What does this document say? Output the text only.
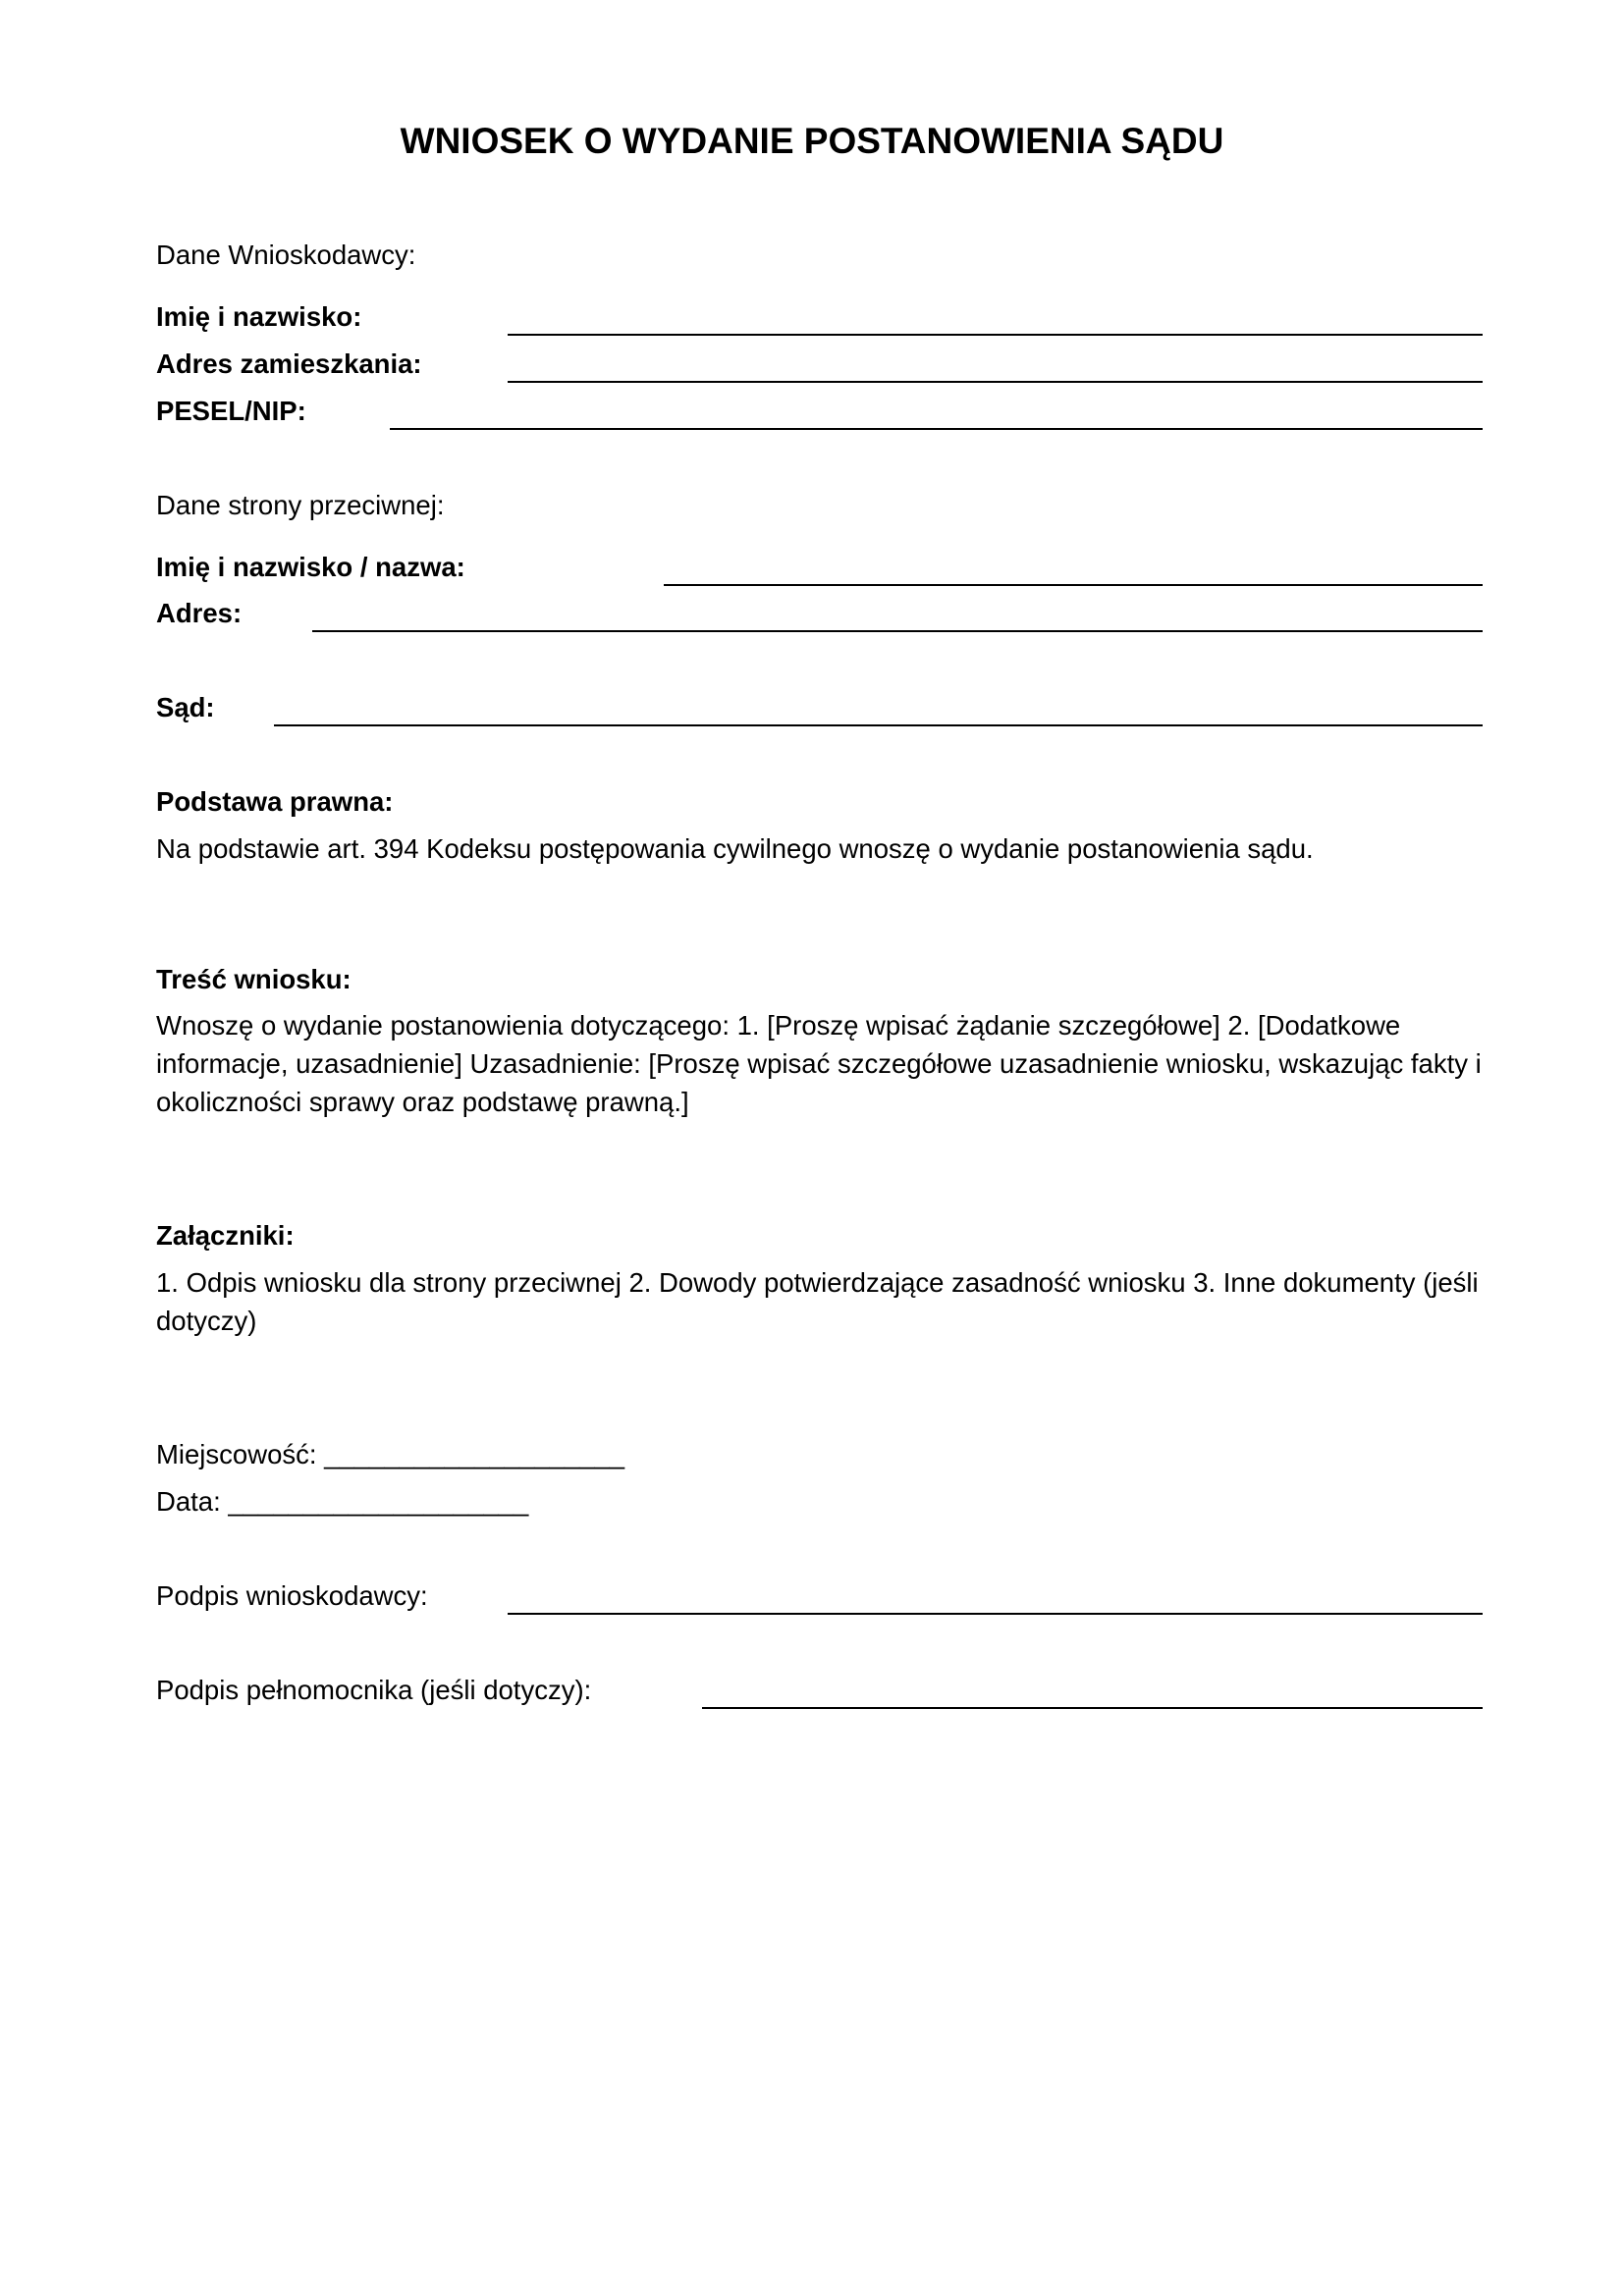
WNIOSEK O WYDANIE POSTANOWIENIA SĄDU
Dane Wnioskodawcy:
Imię i nazwisko:
Adres zamieszkania:
PESEL/NIP:
Dane strony przeciwnej:
Imię i nazwisko / nazwa:
Adres:
Sąd:
Podstawa prawna:
Na podstawie art. 394 Kodeksu postępowania cywilnego wnoszę o wydanie postanowienia sądu.
Treść wniosku:
Wnoszę o wydanie postanowienia dotyczącego: 1. [Proszę wpisać żądanie szczegółowe] 2. [Dodatkowe informacje, uzasadnienie] Uzasadnienie: [Proszę wpisać szczegółowe uzasadnienie wniosku, wskazując fakty i okoliczności sprawy oraz podstawę prawną.]
Załączniki:
1. Odpis wniosku dla strony przeciwnej 2. Dowody potwierdzające zasadność wniosku 3. Inne dokumenty (jeśli dotyczy)
Miejscowość: ____________________
Data: ____________________
Podpis wnioskodawcy:
Podpis pełnomocnika (jeśli dotyczy):
